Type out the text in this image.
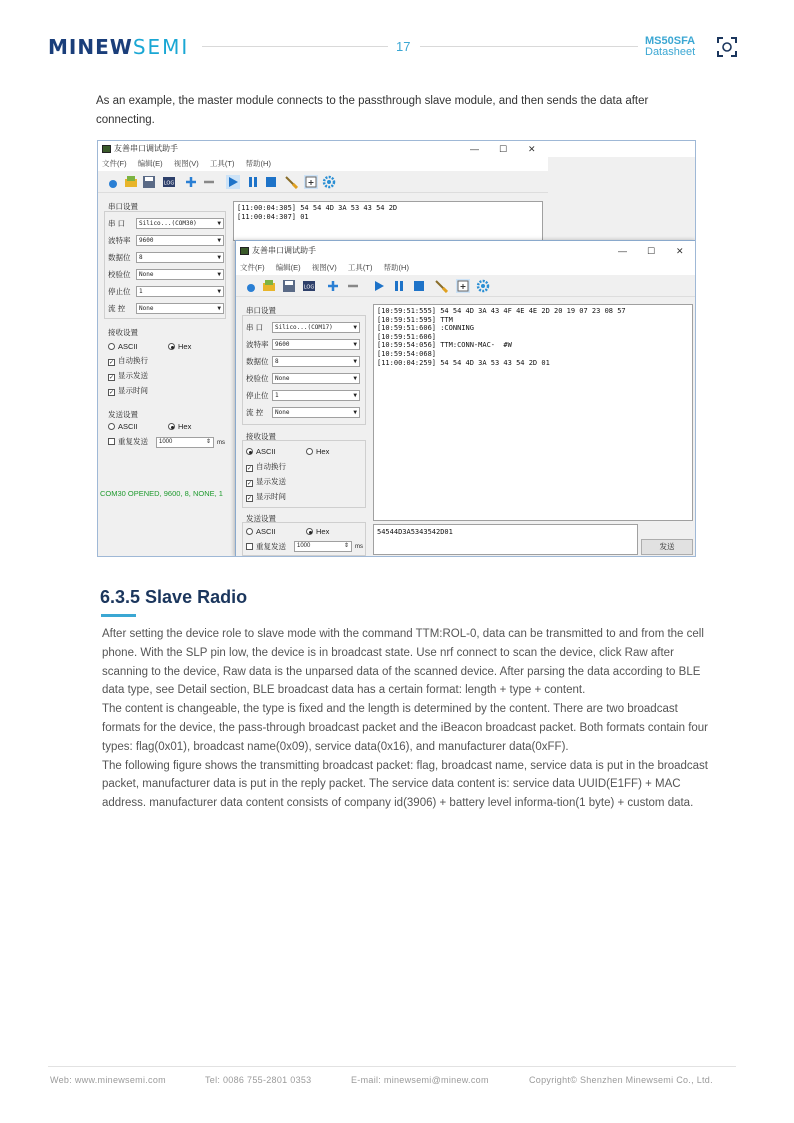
MINEWSEMI	17	MS50SFA
Datasheet
As an example, the master module connects to the passthrough slave module, and then sends the data after connecting.
友善串口调试助手	— ☐ ✕
文件(F) 编辑(E) 视图(V) 工具(T) 帮助(H)
LOG
串口设置
串 口	Silico...(COM30)	▼
波特率	9600	▼
数据位	8	▼
校验位	None	▼
停止位	1	▼
流 控	None	▼
接收设置
ASCII	Hex
✓ 自动换行
✓ 显示发送
✓ 显示时间
发送设置
ASCII	Hex
重复发送	1000	⇕ ms
COM30 OPENED, 9600, 8, NONE, 1
[11:00:04:305] 54 54 4D 3A 53 43 54 2D
[11:00:04:307] 01
友善串口调试助手	— ☐ ✕
文件(F) 编辑(E) 视图(V) 工具(T) 帮助(H)
LOG
串口设置
串 口	Silico...(COM17)	▼
波特率	9600	▼
数据位	8	▼
校验位	None	▼
停止位	1	▼
流 控	None	▼
接收设置
ASCII	Hex
✓ 自动换行
✓ 显示发送
✓ 显示时间
发送设置
ASCII	Hex
重复发送	1000	⇕ ms
[10:59:51:555] 54 54 4D 3A 43 4F 4E 4E 2D 20 19 07 23 08 57
[10:59:51:595] TTM
[10:59:51:606] :CONNING
[10:59:51:606]
[10:59:54:056] TTM:CONN-MAC-  #W
[10:59:54:068]
[11:00:04:259] 54 54 4D 3A 53 43 54 2D 01
54544D3A5343542D01
发送
6.3.5 Slave Radio

After setting the device role to slave mode with the command TTM:ROL-0, data can be transmitted to and from the cell phone. With the SLP pin low, the device is in broadcast state. Use nrf connect to scan the device, click Raw after scanning to the device, Raw data is the unparsed data of the scanned device. After parsing the data according to BLE data type, see Detail section, BLE broadcast data has a certain format: length + type + content.

The content is changeable, the type is fixed and the length is determined by the content. There are two broadcast formats for the device, the pass-through broadcast packet and the iBeacon broadcast packet. Both formats contain four types: flag(0x01), broadcast name(0x09), service data(0x16), and manufacturer data(0xFF).

The following figure shows the transmitting broadcast packet: flag, broadcast name, service data is put in the broadcast packet, manufacturer data is put in the reply packet. The service data content is: service data UUID(E1FF) + MAC address. manufacturer data content consists of company id(3906) + battery level informa-tion(1 byte) + custom data.

Web: www.minewsemi.com	Tel: 0086 755-2801 0353	E-mail: minewsemi@minew.com	Copyright© Shenzhen Minewsemi Co., Ltd.
